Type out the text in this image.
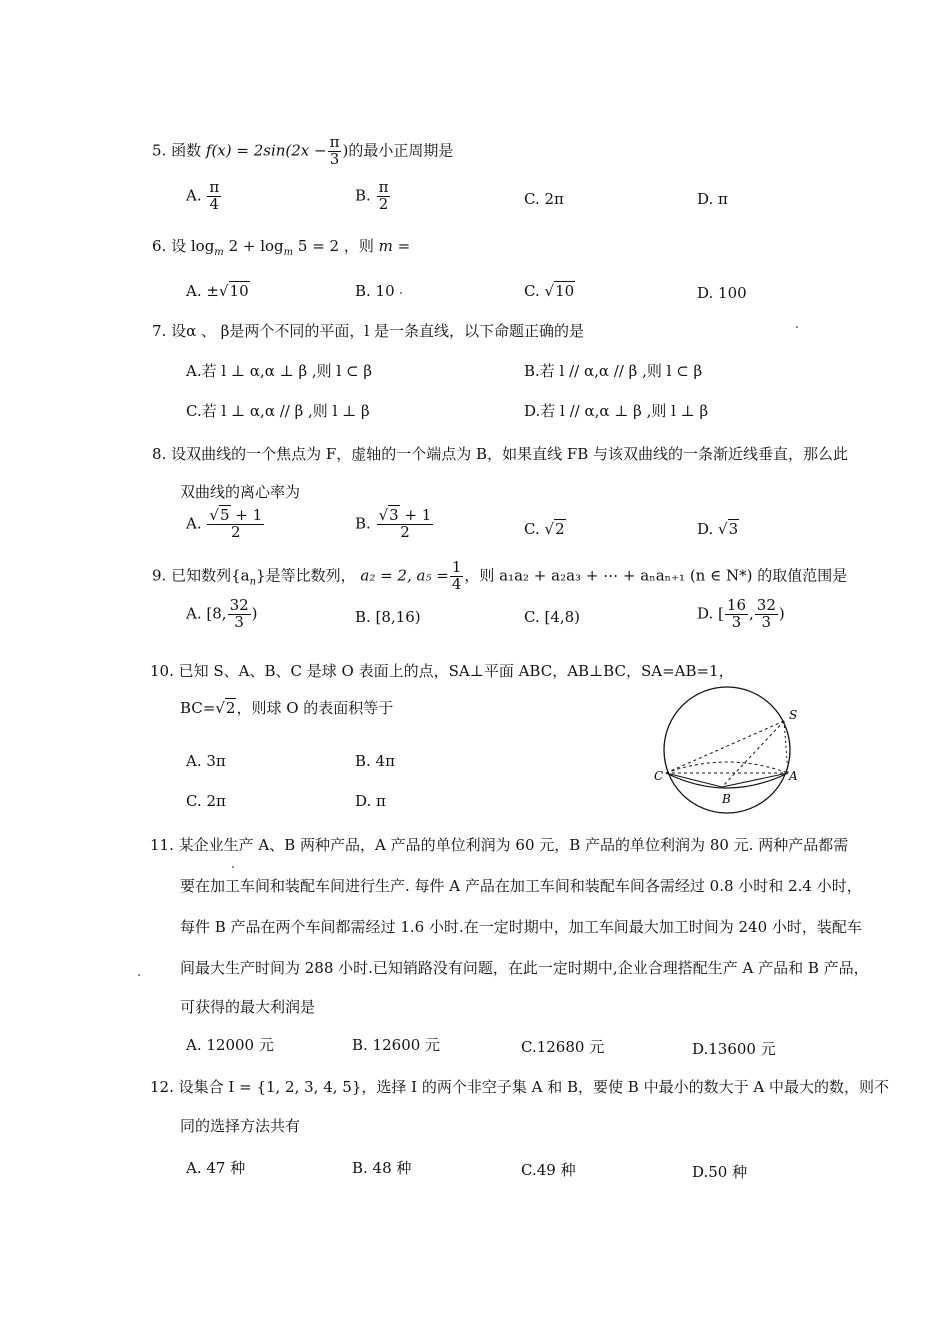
5. 函数 $f(x) = 2\sin(2x - \frac{\pi}{3}$ )的最小正周期是
A. $\frac{\pi}{4}$	B. $\frac{\pi}{2}$	C. 2π	D. π
6. 设 $\log_m 2 + \log_m 5 = 2$ ，则 m =
A. ±√10	B. 10	C. √10	D. 100
7. 设α 、 β是两个不同的平面，l 是一条直线，以下命题正确的是
A.若 l ⊥ α,α ⊥ β ,则 l ⊂ β	B.若 l // α,α // β ,则 l ⊂ β
C.若 l ⊥ α,α // β ,则 l ⊥ β	D.若 l // α,α ⊥ β ,则 l ⊥ β
8. 设双曲线的一个焦点为 F，虚轴的一个端点为 B，如果直线 FB 与该双曲线的一条渐近线垂直，那么此
双曲线的离心率为
A. $\frac{√5 + 1}{2}$	B. $\frac{√3 + 1}{2}$	C. √2	D. √3
9. 已知数列$\{a_n\}$是等比数列， a₂ = 2, $a_5 = \frac{1}{4}$ ，则 a₁a₂ + a₂a₃ + ⋯ + aₙaₙ₊₁ (n ∈ N*) 的取值范围是
A. [8, $\frac{32}{3}$ )	B. [8,16)	C. [4,8)	D. [ $\frac{16}{3}$ , $\frac{32}{3}$ )
10. 已知 S、A、B、C 是球 O 表面上的点，SA⊥平面 ABC，AB⊥BC，SA=AB=1，
BC=√2，则球 O 的表面积等于
A. 3π	B. 4π
C. 2π	D. π
S
C	A
B
11. 某企业生产 A、B 两种产品，A 产品的单位利润为 60 元，B 产品的单位利润为 80 元. 两种产品都需
要在加工车间和装配车间进行生产. 每件 A 产品在加工车间和装配车间各需经过 0.8 小时和 2.4 小时，
每件 B 产品在两个车间都需经过 1.6 小时.在一定时期中，加工车间最大加工时间为 240 小时，装配车
间最大生产时间为 288 小时.已知销路没有问题，在此一定时期中,企业合理搭配生产 A 产品和 B 产品，
可获得的最大利润是
A. 12000 元	B. 12600 元	C.12680 元	D.13600 元
12. 设集合 I = {1, 2, 3, 4, 5}，选择 I 的两个非空子集 A 和 B，要使 B 中最小的数大于 A 中最大的数，则不
同的选择方法共有
A. 47 种	B. 48 种	C.49 种	D.50 种
